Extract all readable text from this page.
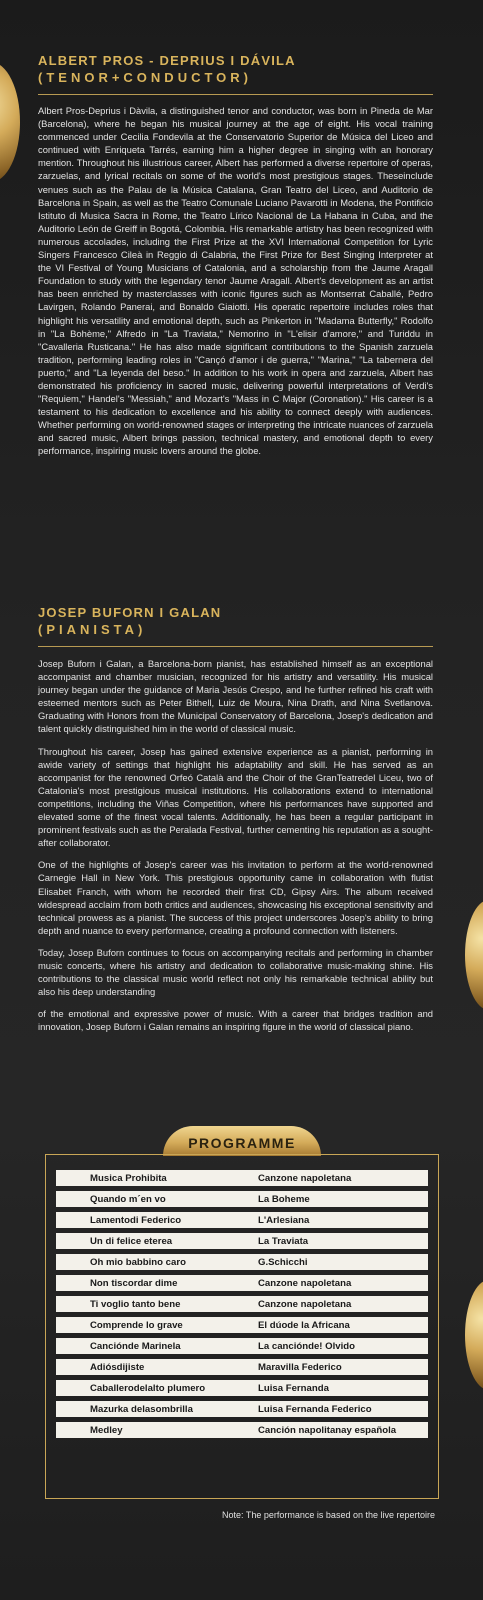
ALBERT PROS - DEPRIUS I DÁVILA
(TENOR+CONDUCTOR)

Albert Pros-Deprius i Dàvila, a distinguished tenor and conductor, was born in Pineda de Mar (Barcelona), where he began his musical journey at the age of eight. His vocal training commenced under Cecilia Fondevila at the Conservatorio Superior de Música del Liceo and continued with Enriqueta Tarrés, earning him a higher degree in singing with an honorary mention. Throughout his illustrious career, Albert has performed a diverse repertoire of operas, zarzuelas, and lyrical recitals on some of the world's most prestigious stages. Theseinclude venues such as the Palau de la Música Catalana, Gran Teatro del Liceo, and Auditorio de Barcelona in Spain, as well as the Teatro Comunale Luciano Pavarotti in Modena, the Pontificio Istituto di Musica Sacra in Rome, the Teatro Lírico Nacional de La Habana in Cuba, and the Auditorio León de Greiff in Bogotá, Colombia. His remarkable artistry has been recognized with numerous accolades, including the First Prize at the XVI International Competition for Lyric Singers Francesco Cileà in Reggio di Calabria, the First Prize for Best Singing Interpreter at the VI Festival of Young Musicians of Catalonia, and a scholarship from the Jaume Aragall Foundation to study with the legendary tenor Jaume Aragall. Albert's development as an artist has been enriched by masterclasses with iconic figures such as Montserrat Caballé, Pedro Lavirgen, Rolando Panerai, and Bonaldo Giaiotti. His operatic repertoire includes roles that highlight his versatility and emotional depth, such as Pinkerton in "Madama Butterfly," Rodolfo in "La Bohème," Alfredo in "La Traviata," Nemorino in "L'elisir d'amore," and Turiddu in "Cavalleria Rusticana." He has also made significant contributions to the Spanish zarzuela tradition, performing leading roles in "Cançó d'amor i de guerra," "Marina," "La tabernera del puerto," and "La leyenda del beso." In addition to his work in opera and zarzuela, Albert has demonstrated his proficiency in sacred music, delivering powerful interpretations of Verdi's "Requiem," Handel's "Messiah," and Mozart's "Mass in C Major (Coronation)." His career is a testament to his dedication to excellence and his ability to connect deeply with audiences. Whether performing on world-renowned stages or interpreting the intricate nuances of zarzuela and sacred music, Albert brings passion, technical mastery, and emotional depth to every performance, inspiring music lovers around the globe.

JOSEP BUFORN I GALAN
(PIANISTA)

Josep Buforn i Galan, a Barcelona-born pianist, has established himself as an exceptional accompanist and chamber musician, recognized for his artistry and versatility. His musical journey began under the guidance of Maria Jesús Crespo, and he further refined his craft with esteemed mentors such as Peter Bithell, Luiz de Moura, Nina Drath, and Nina Svetlanova. Graduating with Honors from the Municipal Conservatory of Barcelona, Josep's dedication and talent quickly distinguished him in the world of classical music.

Throughout his career, Josep has gained extensive experience as a pianist, performing in awide variety of settings that highlight his adaptability and skill. He has served as an accompanist for the renowned Orfeó Català and the Choir of the GranTeatredel Liceu, two of Catalonia's most prestigious musical institutions. His collaborations extend to international competitions, including the Viñas Competition, where his performances have supported and elevated some of the finest vocal talents. Additionally, he has been a regular participant in prominent festivals such as the Peralada Festival, further cementing his reputation as a sought-after collaborator.

One of the highlights of Josep's career was his invitation to perform at the world-renowned Carnegie Hall in New York. This prestigious opportunity came in collaboration with flutist Elisabet Franch, with whom he recorded their first CD, Gipsy Airs. The album received widespread acclaim from both critics and audiences, showcasing his exceptional sensitivity and technical prowess as a pianist. The success of this project underscores Josep's ability to bring depth and nuance to every performance, creating a profound connection with listeners.

Today, Josep Buforn continues to focus on accompanying recitals and performing in chamber music concerts, where his artistry and dedication to collaborative music-making shine. His contributions to the classical music world reflect not only his remarkable technical ability but also his deep understanding

of the emotional and expressive power of music. With a career that bridges tradition and innovation, Josep Buforn i Galan remains an inspiring figure in the world of classical piano.

PROGRAMME
Musica Prohibita	Canzone napoletana
Quando m´en vo	La Boheme
Lamentodi Federico	L'Arlesiana
Un di felice eterea	La Traviata
Oh mio babbino caro	G.Schicchi
Non tiscordar dime	Canzone napoletana
Ti voglio tanto bene	Canzone napoletana
Comprende lo grave	El dúode la Africana
Canciónde Marinela	La canciónde! Olvido
Adiósdijiste	Maravilla Federico
Caballerodelalto plumero	Luisa Fernanda
Mazurka delasombrilla	Luisa Fernanda Federico
Medley	Canción napolitanay española
Note: The performance is based on the live repertoire
